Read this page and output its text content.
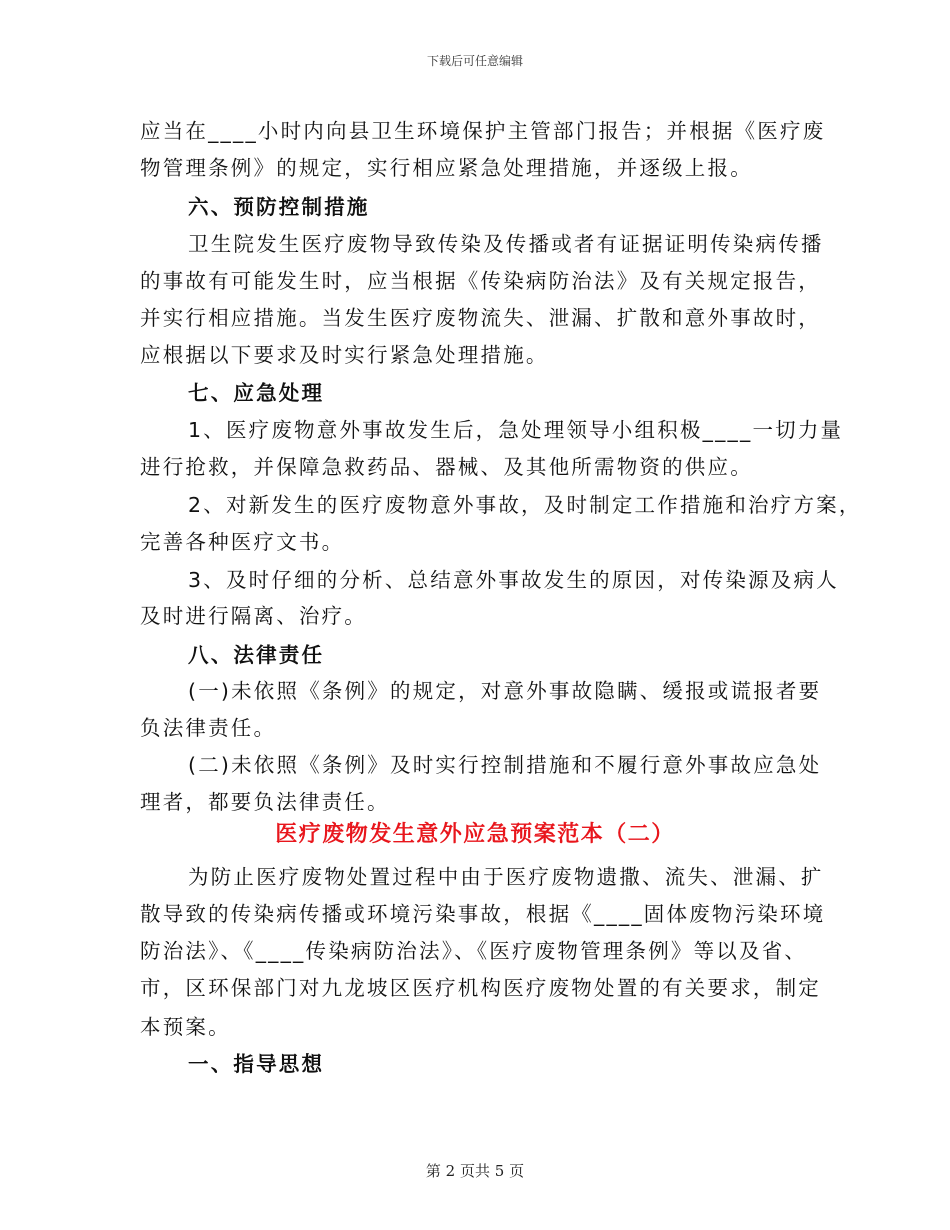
下载后可任意编辑
应当在____小时内向县卫生环境保护主管部门报告；并根据《医疗废
物管理条例》的规定，实行相应紧急处理措施，并逐级上报。
六、预防控制措施
卫生院发生医疗废物导致传染及传播或者有证据证明传染病传播
的事故有可能发生时，应当根据《传染病防治法》及有关规定报告，
并实行相应措施。当发生医疗废物流失、泄漏、扩散和意外事故时，
应根据以下要求及时实行紧急处理措施。
七、应急处理
1、医疗废物意外事故发生后，急处理领导小组积极____一切力量
进行抢救，并保障急救药品、器械、及其他所需物资的供应。
2、对新发生的医疗废物意外事故，及时制定工作措施和治疗方案，
完善各种医疗文书。
3、及时仔细的分析、总结意外事故发生的原因，对传染源及病人
及时进行隔离、治疗。
八、法律责任
(一)未依照《条例》的规定，对意外事故隐瞒、缓报或谎报者要
负法律责任。
(二)未依照《条例》及时实行控制措施和不履行意外事故应急处
理者，都要负法律责任。
医疗废物发生意外应急预案范本（二）
为防止医疗废物处置过程中由于医疗废物遗撒、流失、泄漏、扩
散导致的传染病传播或环境污染事故，根据《____固体废物污染环境
防治法》、《____传染病防治法》、《医疗废物管理条例》等以及省、
市，区环保部门对九龙坡区医疗机构医疗废物处置的有关要求，制定
本预案。
一、指导思想
第 2 页共 5 页
